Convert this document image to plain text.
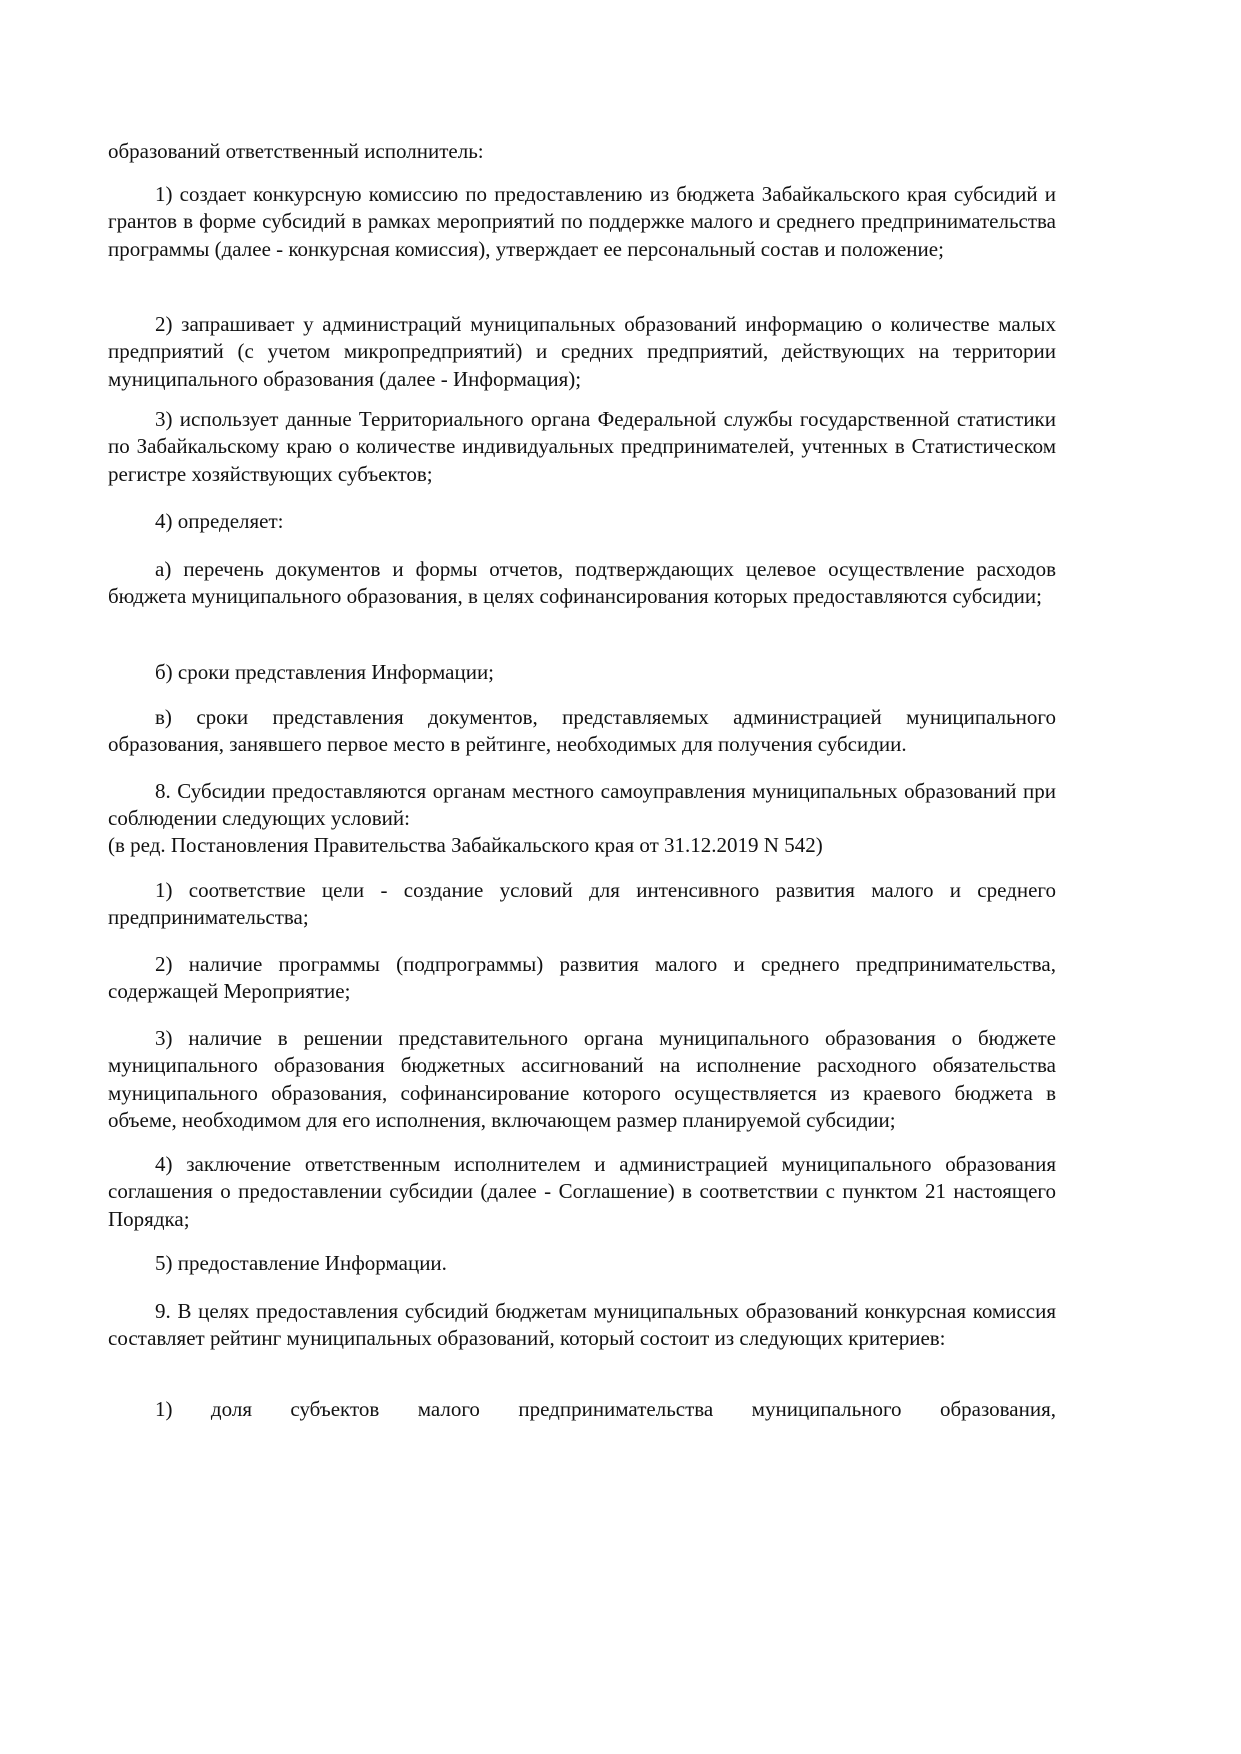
образований ответственный исполнитель:

1) создает конкурсную комиссию по предоставлению из бюджета Забайкальского края субсидий и грантов в форме субсидий в рамках мероприятий по поддержке малого и среднего предпринимательства программы (далее - конкурсная комиссия), утверждает ее персональный состав и положение;

2) запрашивает у администраций муниципальных образований информацию о количестве малых предприятий (с учетом микропредприятий) и средних предприятий, действующих на территории муниципального образования (далее - Информация);

3) использует данные Территориального органа Федеральной службы государственной статистики по Забайкальскому краю о количестве индивидуальных предпринимателей, учтенных в Статистическом регистре хозяйствующих субъектов;

4) определяет:

а) перечень документов и формы отчетов, подтверждающих целевое осуществление расходов бюджета муниципального образования, в целях софинансирования которых предоставляются субсидии;

б) сроки представления Информации;

в) сроки представления документов, представляемых администрацией муниципального образования, занявшего первое место в рейтинге, необходимых для получения субсидии.

8. Субсидии предоставляются органам местного самоуправления муниципальных образований при соблюдении следующих условий:

(в ред. Постановления Правительства Забайкальского края от 31.12.2019 N 542)

1) соответствие цели - создание условий для интенсивного развития малого и среднего предпринимательства;

2) наличие программы (подпрограммы) развития малого и среднего предпринимательства, содержащей Мероприятие;

3) наличие в решении представительного органа муниципального образования о бюджете муниципального образования бюджетных ассигнований на исполнение расходного обязательства муниципального образования, софинансирование которого осуществляется из краевого бюджета в объеме, необходимом для его исполнения, включающем размер планируемой субсидии;

4) заключение ответственным исполнителем и администрацией муниципального образования соглашения о предоставлении субсидии (далее - Соглашение) в соответствии с пунктом 21 настоящего Порядка;

5) предоставление Информации.

9. В целях предоставления субсидий бюджетам муниципальных образований конкурсная комиссия составляет рейтинг муниципальных образований, который состоит из следующих критериев:

1) доля субъектов малого предпринимательства муниципального образования,
